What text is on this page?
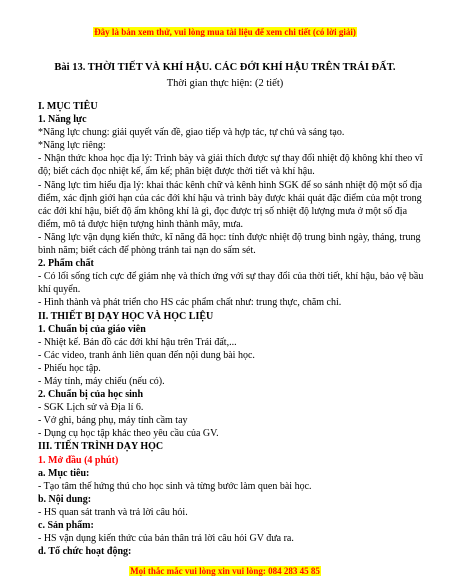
Đây là bản xem thử, vui lòng mua tài liệu để xem chi tiết (có lời giải)
Bài 13. THỜI TIẾT VÀ KHÍ HẬU. CÁC ĐỚI KHÍ HẬU TRÊN TRÁI ĐẤT.
Thời gian thực hiện: (2 tiết)

I. MỤC TIÊU

1. Năng lực

*Năng lực chung: giải quyết vấn đề, giao tiếp và hợp tác, tự chủ và sáng tạo.

*Năng lực riêng:

- Nhận thức khoa học địa lý: Trình bày và giải thích được sự thay đổi nhiệt độ không khí theo vĩ độ; biết cách đọc nhiệt kế, ẩm kế; phân biệt được thời tiết và khí hậu.

- Năng lực tìm hiểu địa lý: khai thác kênh chữ và kênh hình SGK để so sánh nhiệt độ một số địa điểm, xác định giới hạn của các đới khí hậu và trình bày được khái quát đặc điểm của một trong các đới khí hậu, biết độ ẩm không khí là gì, đọc được trị số nhiệt độ lượng mưa ở một số địa điểm, mô tả được hiện tượng hình thành mây, mưa.

- Năng lực vận dụng kiến thức, kĩ năng đã học: tính được nhiệt độ trung bình ngày, tháng, trung bình năm; biết cách để phòng tránh tai nạn do sấm sét.

2. Phẩm chất

- Có lối sống tích cực để giảm nhẹ và thích ứng với sự thay đổi của thời tiết, khí hậu, bảo vệ bầu khí quyển.

- Hình thành và phát triển cho HS các phẩm chất như: trung thực, chăm chỉ.

II. THIẾT BỊ DẠY HỌC VÀ HỌC LIỆU

1. Chuẩn bị của giáo viên

- Nhiệt kế. Bản đồ các đới khí hậu trên Trái đất,...

- Các video, tranh ảnh liên quan đến nội dung bài học.

- Phiếu học tập.

- Máy tính, máy chiếu (nếu có).

2. Chuẩn bị của học sinh

- SGK Lịch sử và Địa lí 6.

- Vở ghi, bảng phụ, máy tính cầm tay

- Dụng cụ học tập khác theo yêu cầu của GV.

III. TIẾN TRÌNH DẠY HỌC

1. Mở đầu (4 phút)

a. Mục tiêu:

- Tạo tâm thế hứng thú cho học sinh và từng bước làm quen bài học.

b. Nội dung:

- HS quan sát tranh và trả lời câu hỏi.

c. Sản phẩm:

- HS vận dụng kiến thức của bản thân trả lời câu hỏi GV đưa ra.

d. Tổ chức hoạt động:

Mọi thắc mắc vui lòng xin vui lòng: 084 283 45 85
